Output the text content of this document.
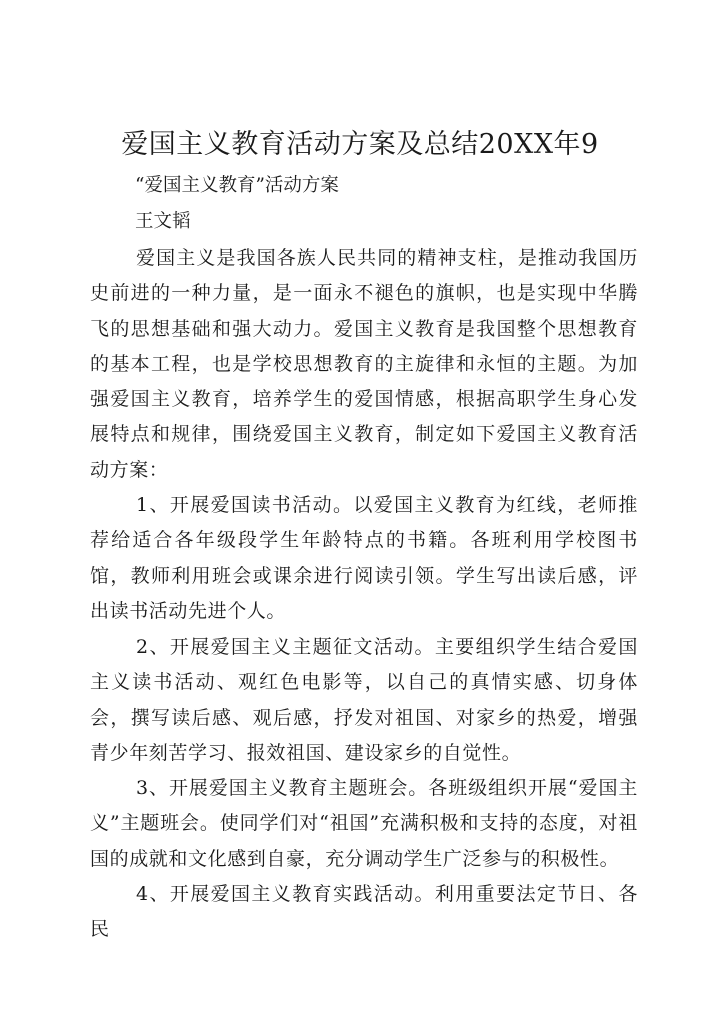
爱国主义教育活动方案及总结20XX年9

“爱国主义教育”活动方案

王文韬

爱国主义是我国各族人民共同的精神支柱，是推动我国历史前进的一种力量，是一面永不褪色的旗帜，也是实现中华腾飞的思想基础和强大动力。爱国主义教育是我国整个思想教育的基本工程，也是学校思想教育的主旋律和永恒的主题。为加强爱国主义教育，培养学生的爱国情感，根据高职学生身心发展特点和规律，围绕爱国主义教育，制定如下爱国主义教育活动方案：

1、开展爱国读书活动。以爱国主义教育为红线，老师推荐给适合各年级段学生年龄特点的书籍。各班利用学校图书馆，教师利用班会或课余进行阅读引领。学生写出读后感，评出读书活动先进个人。

2、开展爱国主义主题征文活动。主要组织学生结合爱国主义读书活动、观红色电影等，以自己的真情实感、切身体会，撰写读后感、观后感，抒发对祖国、对家乡的热爱，增强青少年刻苦学习、报效祖国、建设家乡的自觉性。

3、开展爱国主义教育主题班会。各班级组织开展“爱国主义”主题班会。使同学们对“祖国”充满积极和支持的态度，对祖国的成就和文化感到自豪，充分调动学生广泛参与的积极性。

4、开展爱国主义教育实践活动。利用重要法定节日、各民
